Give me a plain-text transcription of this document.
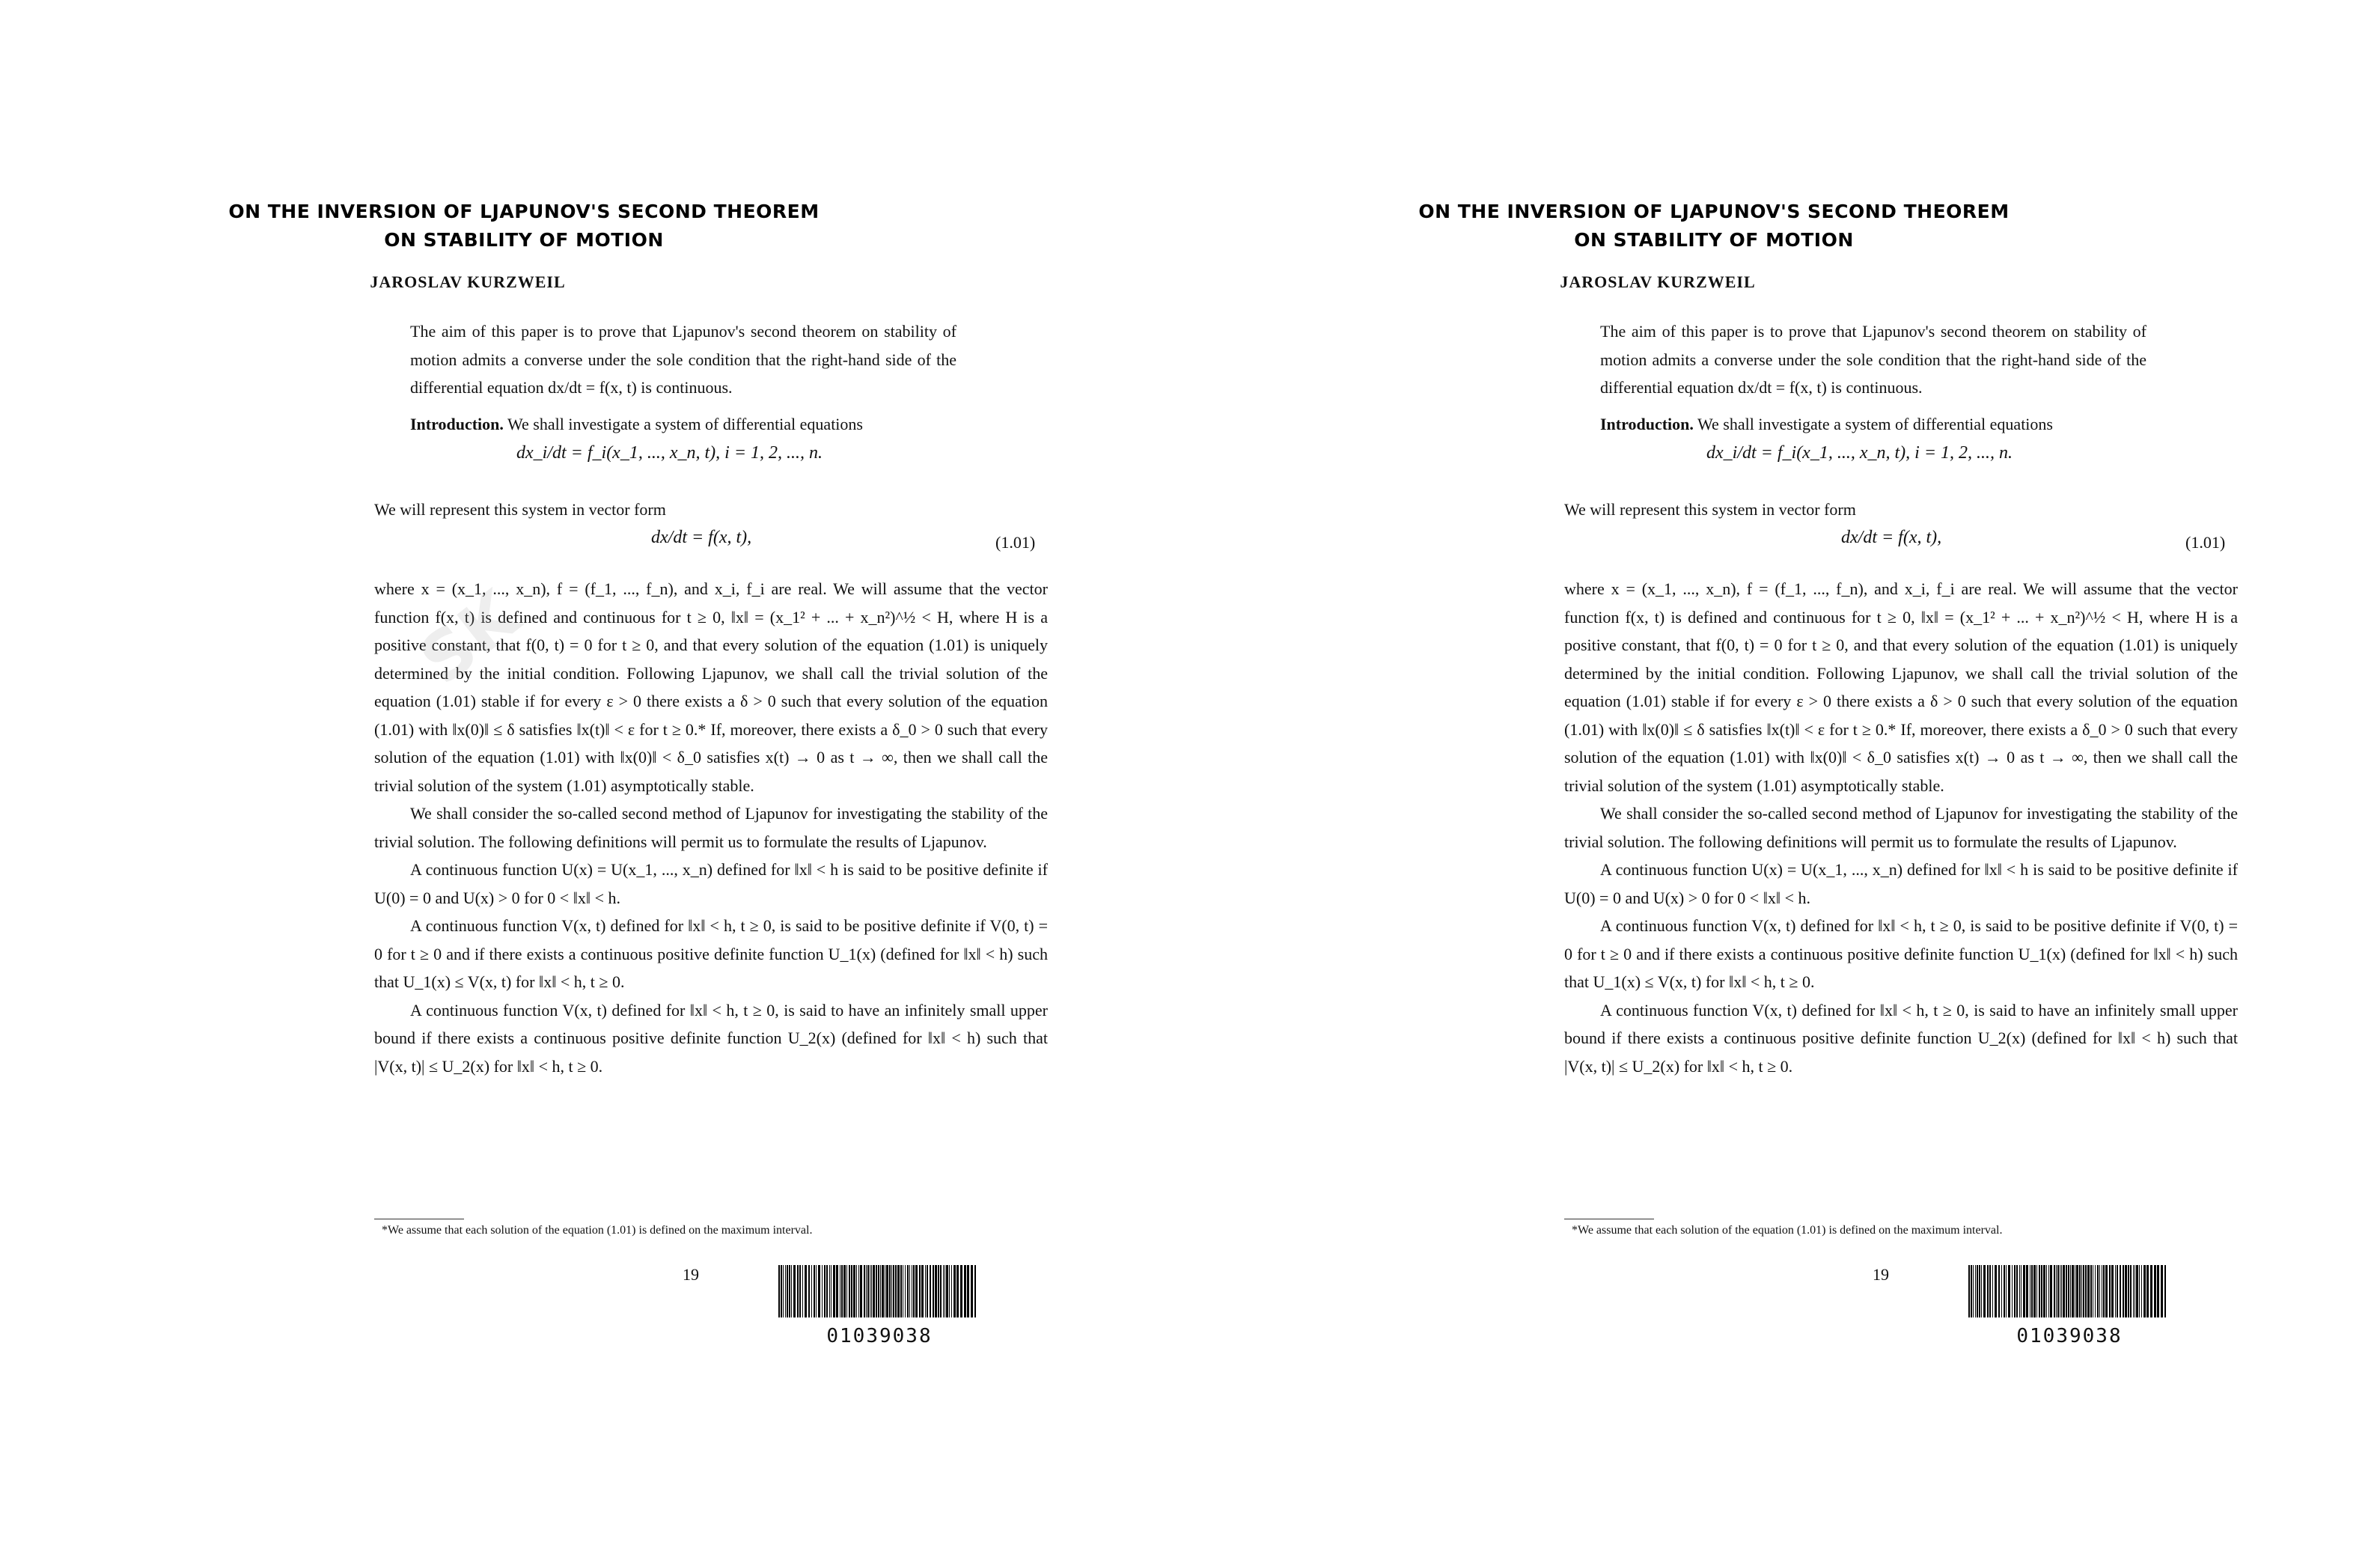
ON THE INVERSION OF LJAPUNOV'S SECOND THEOREM
ON STABILITY OF MOTION
JAROSLAV KURZWEIL
The aim of this paper is to prove that Ljapunov's second theorem on stability of motion admits a converse under the sole condition that the right-hand side of the differential equation dx/dt = f(x, t) is continuous.
Introduction. We shall investigate a system of differential equations
dx_i/dt = f_i(x_1, ..., x_n, t), i = 1, 2, ..., n.
We will represent this system in vector form
dx/dt = f(x, t),	(1.01)
where x = (x_1, ..., x_n), f = (f_1, ..., f_n), and x_i, f_i are real. We will assume that the vector function f(x, t) is defined and continuous for t ≥ 0, ‖x‖ = (x_1² + ... + x_n²)^½ < H, where H is a positive constant, that f(0, t) = 0 for t ≥ 0, and that every solution of the equation (1.01) is uniquely determined by the initial condition. Following Ljapunov, we shall call the trivial solution of the equation (1.01) stable if for every ε > 0 there exists a δ > 0 such that every solution of the equation (1.01) with ‖x(0)‖ ≤ δ satisfies ‖x(t)‖ < ε for t ≥ 0.* If, moreover, there exists a δ_0 > 0 such that every solution of the equation (1.01) with ‖x(0)‖ < δ_0 satisfies x(t) → 0 as t → ∞, then we shall call the trivial solution of the system (1.01) asymptotically stable.
We shall consider the so-called second method of Ljapunov for investigating the stability of the trivial solution. The following definitions will permit us to formulate the results of Ljapunov.
A continuous function U(x) = U(x_1, ..., x_n) defined for ‖x‖ < h is said to be positive definite if U(0) = 0 and U(x) > 0 for 0 < ‖x‖ < h.
A continuous function V(x, t) defined for ‖x‖ < h, t ≥ 0, is said to be positive definite if V(0, t) = 0 for t ≥ 0 and if there exists a continuous positive definite function U_1(x) (defined for ‖x‖ < h) such that U_1(x) ≤ V(x, t) for ‖x‖ < h, t ≥ 0.
A continuous function V(x, t) defined for ‖x‖ < h, t ≥ 0, is said to have an infinitely small upper bound if there exists a continuous positive definite function U_2(x) (defined for ‖x‖ < h) such that |V(x, t)| ≤ U_2(x) for ‖x‖ < h, t ≥ 0.
*We assume that each solution of the equation (1.01) is defined on the maximum interval.
19
01039038
SK
ON THE INVERSION OF LJAPUNOV'S SECOND THEOREM
ON STABILITY OF MOTION
JAROSLAV KURZWEIL
The aim of this paper is to prove that Ljapunov's second theorem on stability of motion admits a converse under the sole condition that the right-hand side of the differential equation dx/dt = f(x, t) is continuous.
Introduction. We shall investigate a system of differential equations
dx_i/dt = f_i(x_1, ..., x_n, t), i = 1, 2, ..., n.
We will represent this system in vector form
dx/dt = f(x, t),	(1.01)
where x = (x_1, ..., x_n), f = (f_1, ..., f_n), and x_i, f_i are real. We will assume that the vector function f(x, t) is defined and continuous for t ≥ 0, ‖x‖ = (x_1² + ... + x_n²)^½ < H, where H is a positive constant, that f(0, t) = 0 for t ≥ 0, and that every solution of the equation (1.01) is uniquely determined by the initial condition. Following Ljapunov, we shall call the trivial solution of the equation (1.01) stable if for every ε > 0 there exists a δ > 0 such that every solution of the equation (1.01) with ‖x(0)‖ ≤ δ satisfies ‖x(t)‖ < ε for t ≥ 0.* If, moreover, there exists a δ_0 > 0 such that every solution of the equation (1.01) with ‖x(0)‖ < δ_0 satisfies x(t) → 0 as t → ∞, then we shall call the trivial solution of the system (1.01) asymptotically stable.
We shall consider the so-called second method of Ljapunov for investigating the stability of the trivial solution. The following definitions will permit us to formulate the results of Ljapunov.
A continuous function U(x) = U(x_1, ..., x_n) defined for ‖x‖ < h is said to be positive definite if U(0) = 0 and U(x) > 0 for 0 < ‖x‖ < h.
A continuous function V(x, t) defined for ‖x‖ < h, t ≥ 0, is said to be positive definite if V(0, t) = 0 for t ≥ 0 and if there exists a continuous positive definite function U_1(x) (defined for ‖x‖ < h) such that U_1(x) ≤ V(x, t) for ‖x‖ < h, t ≥ 0.
A continuous function V(x, t) defined for ‖x‖ < h, t ≥ 0, is said to have an infinitely small upper bound if there exists a continuous positive definite function U_2(x) (defined for ‖x‖ < h) such that |V(x, t)| ≤ U_2(x) for ‖x‖ < h, t ≥ 0.
*We assume that each solution of the equation (1.01) is defined on the maximum interval.
19
01039038
